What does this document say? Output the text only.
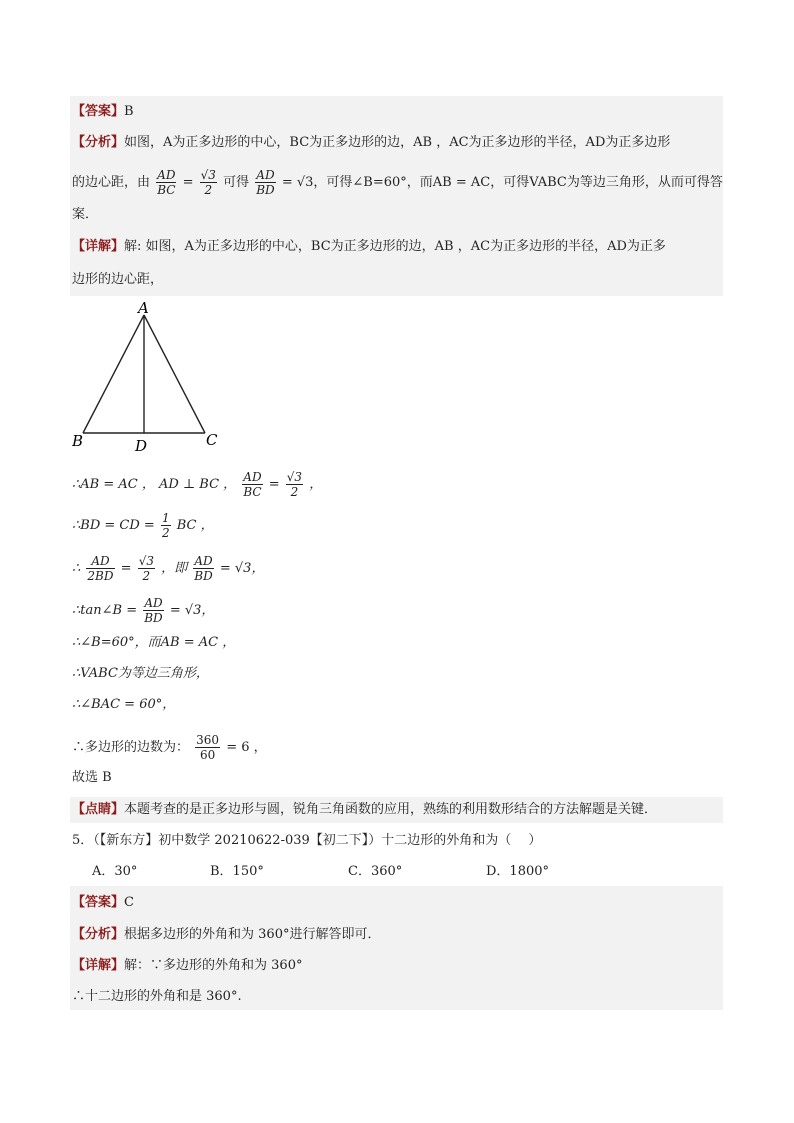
【答案】B
【分析】如图，A为正多边形的中心，BC为正多边形的边，AB ，AC为正多边形的半径，AD为正多边形
的边心距，由 $\frac{AD}{BC} = \frac{√3}{2}$ 可得 $\frac{AD}{BD} = √3$，可得∠B=60°，而AB = AC，可得VABC为等边三角形，从而可得答
案．
【详解】解: 如图，A为正多边形的中心，BC为正多边形的边，AB ，AC为正多边形的半径，AD为正多
边形的边心距，
A
B	C
D
∴AB = AC ， AD ⊥ BC ， $\frac{AD}{BC} = \frac{√3}{2}$ ，
∴BD = CD = $\frac{1}{2}$ BC ，
∴ $\frac{AD}{2BD} = \frac{√3}{2}$ ，即 $\frac{AD}{BD} = √3$，
∴tan∠B = $\frac{AD}{BD} = √3$，
∴∠B=60°，而AB = AC ，
∴VABC为等边三角形，
∴∠BAC = 60°，
∴多边形的边数为： $\frac{360}{60} = 6$ ，
故选 B
【点睛】本题考查的是正多边形与圆，锐角三角函数的应用，熟练的利用数形结合的方法解题是关键．
5．（【新东方】初中数学 20210622-039【初二下】）十二边形的外角和为（　 ）
A．30°	B．150°	C．360°	D．1800°
【答案】C
【分析】根据多边形的外角和为 360°进行解答即可．
【详解】解：∵多边形的外角和为 360°
∴十二边形的外角和是 360°.
